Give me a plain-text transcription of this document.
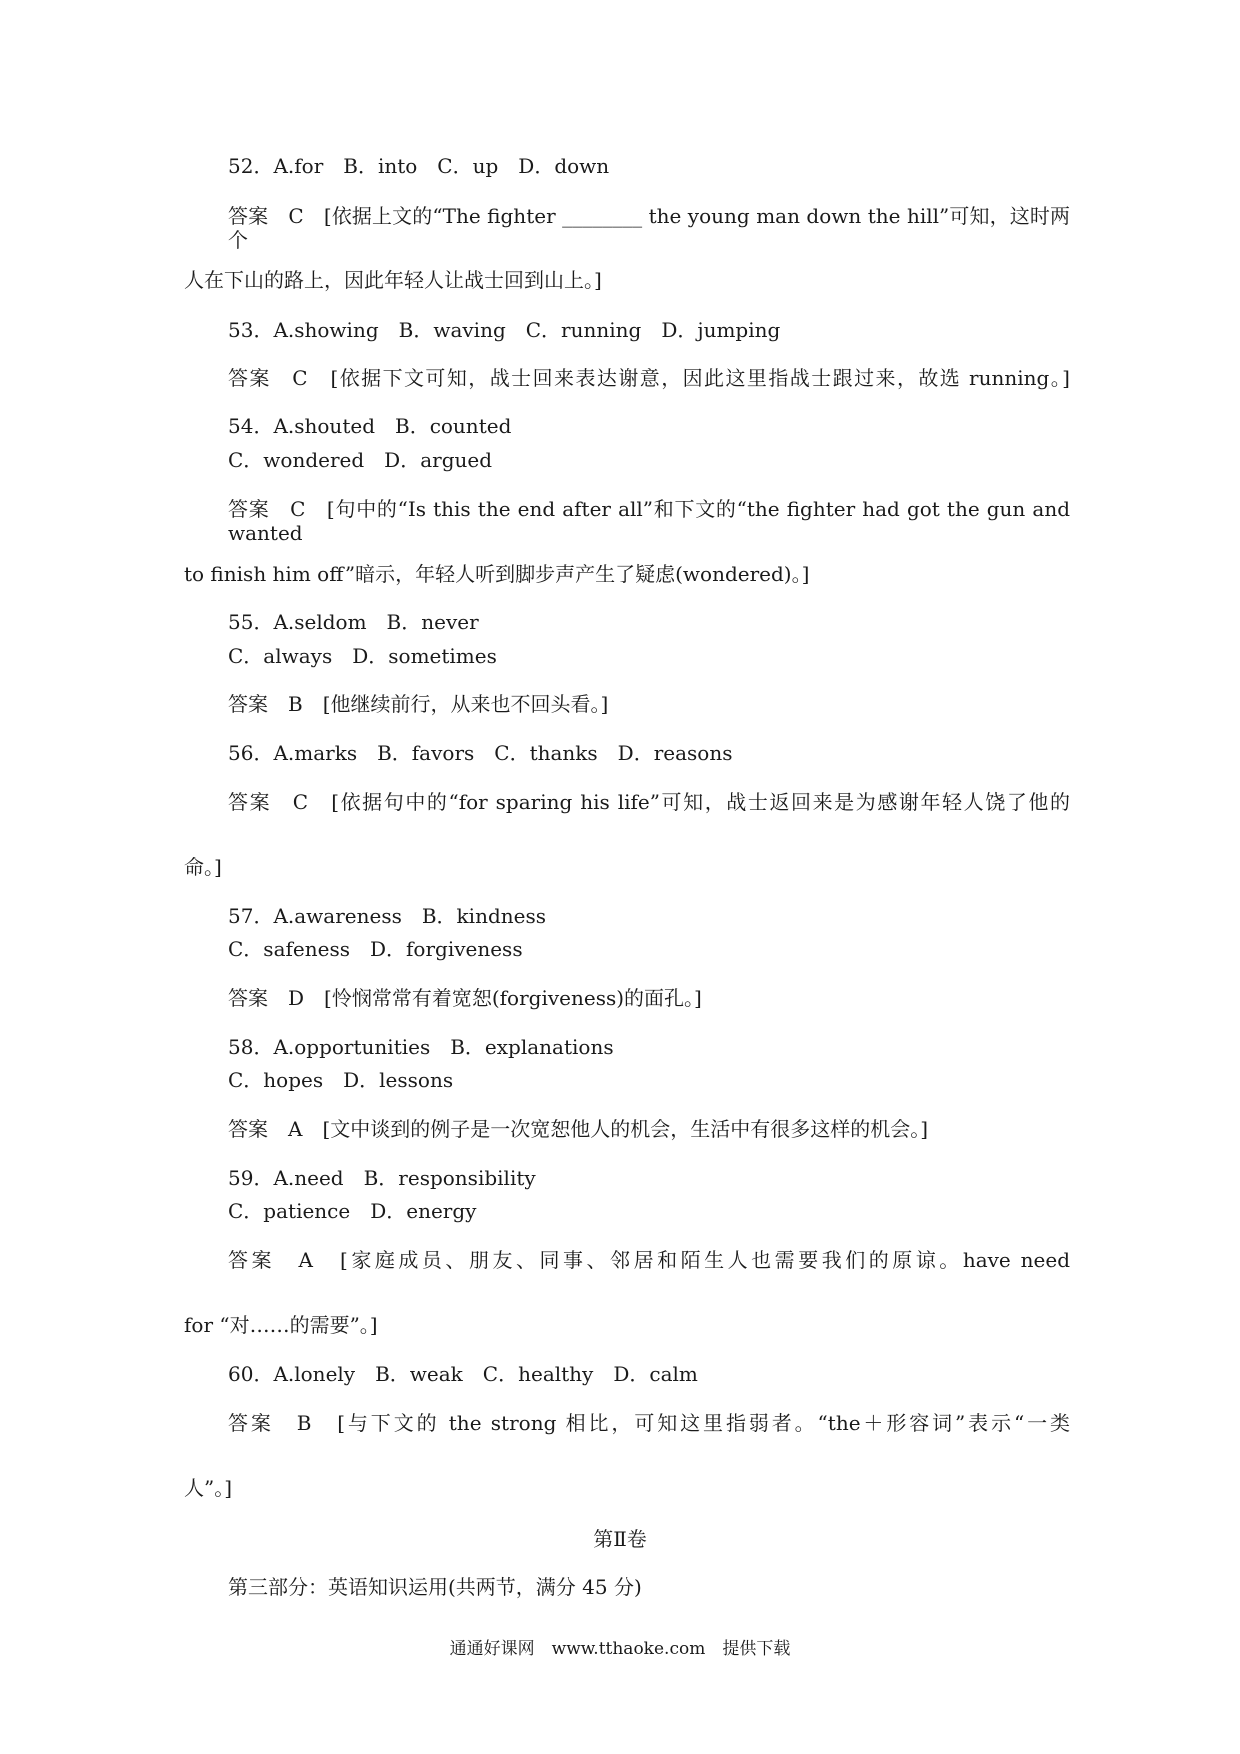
52．A.for　B．into　C．up　D．down
答案　C　[依据上文的“The fighter ________ the young man down the hill”可知，这时两个
人在下山的路上，因此年轻人让战士回到山上。]
53．A.showing　B．waving　C．running　D．jumping
答案　C　[依据下文可知，战士回来表达谢意，因此这里指战士跟过来，故选 running。]
54．A.shouted　B．counted
C．wondered　D．argued
答案　C　[句中的“Is this the end after all”和下文的“the fighter had got the gun and wanted
to finish him off”暗示，年轻人听到脚步声产生了疑虑(wondered)。]
55．A.seldom　B．never
C．always　D．sometimes
答案　B　[他继续前行，从来也不回头看。]
56．A.marks　B．favors　C．thanks　D．reasons
答案　C　[依据句中的“for sparing his life”可知，战士返回来是为感谢年轻人饶了他的
命。]
57．A.awareness　B．kindness
C．safeness　D．forgiveness
答案　D　[怜悯常常有着宽恕(forgiveness)的面孔。]
58．A.opportunities　B．explanations
C．hopes　D．lessons
答案　A　[文中谈到的例子是一次宽恕他人的机会，生活中有很多这样的机会。]
59．A.need　B．responsibility
C．patience　D．energy
答案　A　[家庭成员、朋友、同事、邻居和陌生人也需要我们的原谅。have need
for “对……的需要”。]
60．A.lonely　B．weak　C．healthy　D．calm
答案　B　[与下文的 the strong 相比，可知这里指弱者。“the＋形容词”表示“一类
人”。]
第Ⅱ卷
第三部分：英语知识运用(共两节，满分 45 分)
通通好课网　www.tthaoke.com　提供下载
